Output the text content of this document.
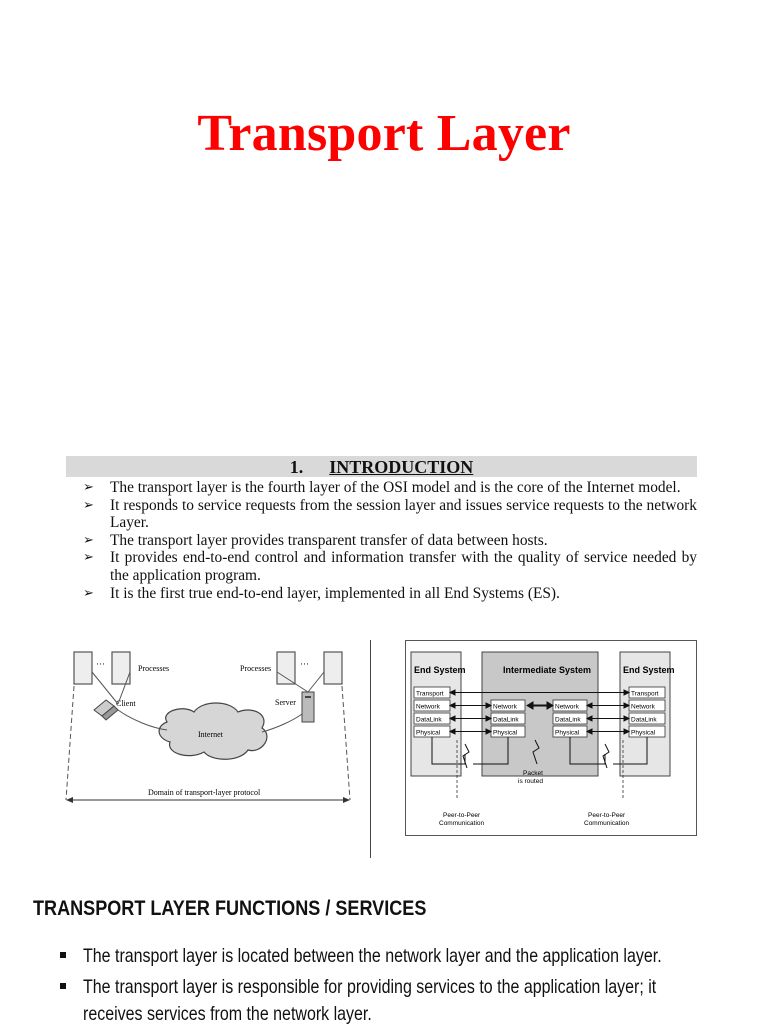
Transport Layer
1. INTRODUCTION
➢ The transport layer is the fourth layer of the OSI model and is the core of the Internet model.
➢ It responds to service requests from the session layer and issues service requests to the network Layer.
➢ The transport layer provides transparent transfer of data between hosts.
➢ It provides end-to-end control and information transfer with the quality of service needed by the application program.
➢ It is the first true end-to-end layer, implemented in all End Systems (ES).
···	Processes	···
Processes
Client	Server
Internet
Domain of transport-layer protocol
End System	Intermediate System	End System
Transport
Network
DataLink
Physical
Network
DataLink
Physical
Network
DataLink
Physical
Transport
Network
DataLink
Physical
Packet
is routed
Peer-to-Peer
Communication
Peer-to-Peer
Communication
TRANSPORT LAYER FUNCTIONS / SERVICES
The transport layer is located between the network layer and the application layer.
The transport layer is responsible for providing services to the application layer; it
receives services from the network layer.
